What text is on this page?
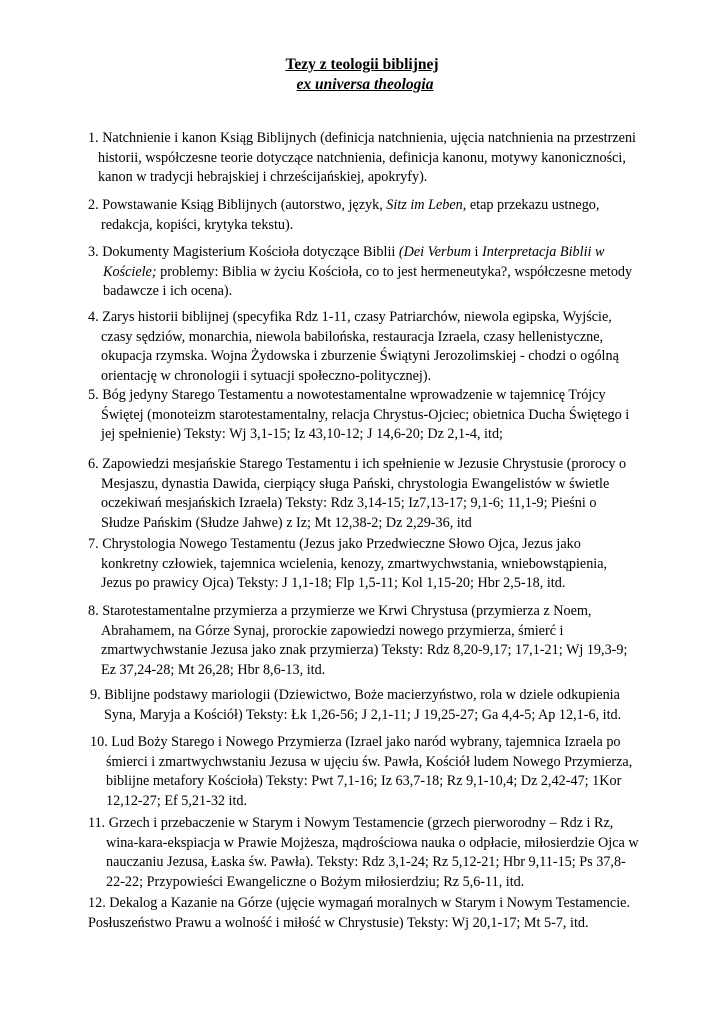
Tezy z teologii biblijnej
ex universa theologia
1. Natchnienie i kanon Ksiąg Biblijnych (definicja natchnienia, ujęcia natchnienia na przestrzeni
historii, współczesne teorie dotyczące natchnienia, definicja kanonu, motywy kanoniczności,
kanon w tradycji hebrajskiej i chrześcijańskiej, apokryfy).
2. Powstawanie Ksiąg Biblijnych (autorstwo, język, Sitz im Leben, etap przekazu ustnego,
redakcja, kopiści, krytyka tekstu).
3. Dokumenty Magisterium Kościoła dotyczące Biblii (Dei Verbum i Interpretacja Biblii w
Kościele; problemy: Biblia w życiu Kościoła, co to jest hermeneutyka?, współczesne metody
badawcze i ich ocena).
4. Zarys historii biblijnej (specyfika Rdz 1-11, czasy Patriarchów, niewola egipska, Wyjście,
czasy sędziów, monarchia, niewola babilońska, restauracja Izraela, czasy hellenistyczne,
okupacja rzymska. Wojna Żydowska i zburzenie Świątyni Jerozolimskiej - chodzi o ogólną
orientację w chronologii i sytuacji społeczno-politycznej).
5. Bóg jedyny Starego Testamentu a nowotestamentalne wprowadzenie w tajemnicę Trójcy
Świętej (monoteizm starotestamentalny, relacja Chrystus-Ojciec; obietnica Ducha Świętego i
jej spełnienie) Teksty: Wj 3,1-15; Iz 43,10-12; J 14,6-20; Dz 2,1-4, itd;
6. Zapowiedzi mesjańskie Starego Testamentu i ich spełnienie w Jezusie Chrystusie (prorocy o
Mesjaszu, dynastia Dawida, cierpiący sługa Pański, chrystologia Ewangelistów w świetle
oczekiwań mesjańskich Izraela) Teksty: Rdz 3,14-15; Iz7,13-17; 9,1-6; 11,1-9; Pieśni o
Słudze Pańskim (Słudze Jahwe) z Iz; Mt 12,38-2; Dz 2,29-36, itd
7. Chrystologia Nowego Testamentu (Jezus jako Przedwieczne Słowo Ojca, Jezus jako
konkretny człowiek, tajemnica wcielenia, kenozy, zmartwychwstania, wniebowstąpienia,
Jezus po prawicy Ojca) Teksty: J 1,1-18; Flp 1,5-11; Kol 1,15-20; Hbr 2,5-18, itd.
8. Starotestamentalne przymierza a przymierze we Krwi Chrystusa (przymierza z Noem,
Abrahamem, na Górze Synaj, prorockie zapowiedzi nowego przymierza, śmierć i
zmartwychwstanie Jezusa jako znak przymierza) Teksty: Rdz 8,20-9,17; 17,1-21; Wj 19,3-9;
Ez 37,24-28; Mt 26,28; Hbr 8,6-13, itd.
9. Biblijne podstawy mariologii (Dziewictwo, Boże macierzyństwo, rola w dziele odkupienia
Syna, Maryja a Kościół) Teksty: Łk 1,26-56; J 2,1-11; J 19,25-27; Ga 4,4-5; Ap 12,1-6, itd.
10. Lud Boży Starego i Nowego Przymierza (Izrael jako naród wybrany, tajemnica Izraela po
śmierci i zmartwychwstaniu Jezusa w ujęciu św. Pawła, Kościół ludem Nowego Przymierza,
biblijne metafory Kościoła) Teksty: Pwt 7,1-16; Iz 63,7-18; Rz 9,1-10,4; Dz 2,42-47; 1Kor
12,12-27; Ef 5,21-32 itd.
11. Grzech i przebaczenie w Starym i Nowym Testamencie (grzech pierworodny – Rdz i Rz,
wina-kara-ekspiacja w Prawie Mojżesza, mądrościowa nauka o odpłacie, miłosierdzie Ojca w
nauczaniu Jezusa, Łaska św. Pawła). Teksty: Rdz 3,1-24; Rz 5,12-21; Hbr 9,11-15; Ps 37,8-
22-22; Przypowieści Ewangeliczne o Bożym miłosierdziu; Rz 5,6-11, itd.
12. Dekalog a Kazanie na Górze (ujęcie wymagań moralnych w Starym i Nowym Testamencie.
Posłuszeństwo Prawu a wolność i miłość w Chrystusie) Teksty: Wj 20,1-17; Mt 5-7, itd.
